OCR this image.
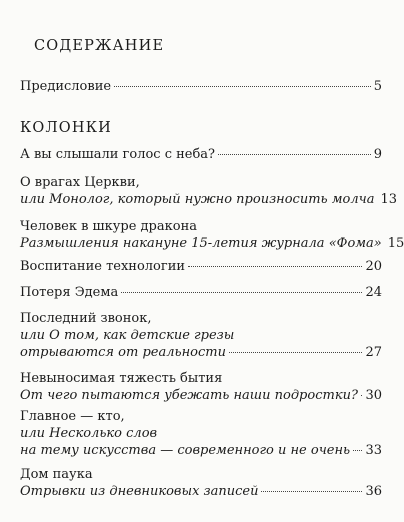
СОДЕРЖАНИЕ
Предисловие	5
КОЛОНКИ
А вы слышали голос с неба?	9
О врагах Церкви,
или Монолог, который нужно произносить молча 13
Человек в шкуре дракона
Размышления накануне 15-летия журнала «Фома» 15
Воспитание технологии	20
Потеря Эдема	24
Последний звонок,
или О том, как детские грезы
отрываются от реальности	27
Невыносимая тяжесть бытия
От чего пытаются убежать наши подростки? 30
Главное — кто,
или Несколько слов
на тему искусства — современного и не очень 33
Дом паука
Отрывки из дневниковых записей	36
